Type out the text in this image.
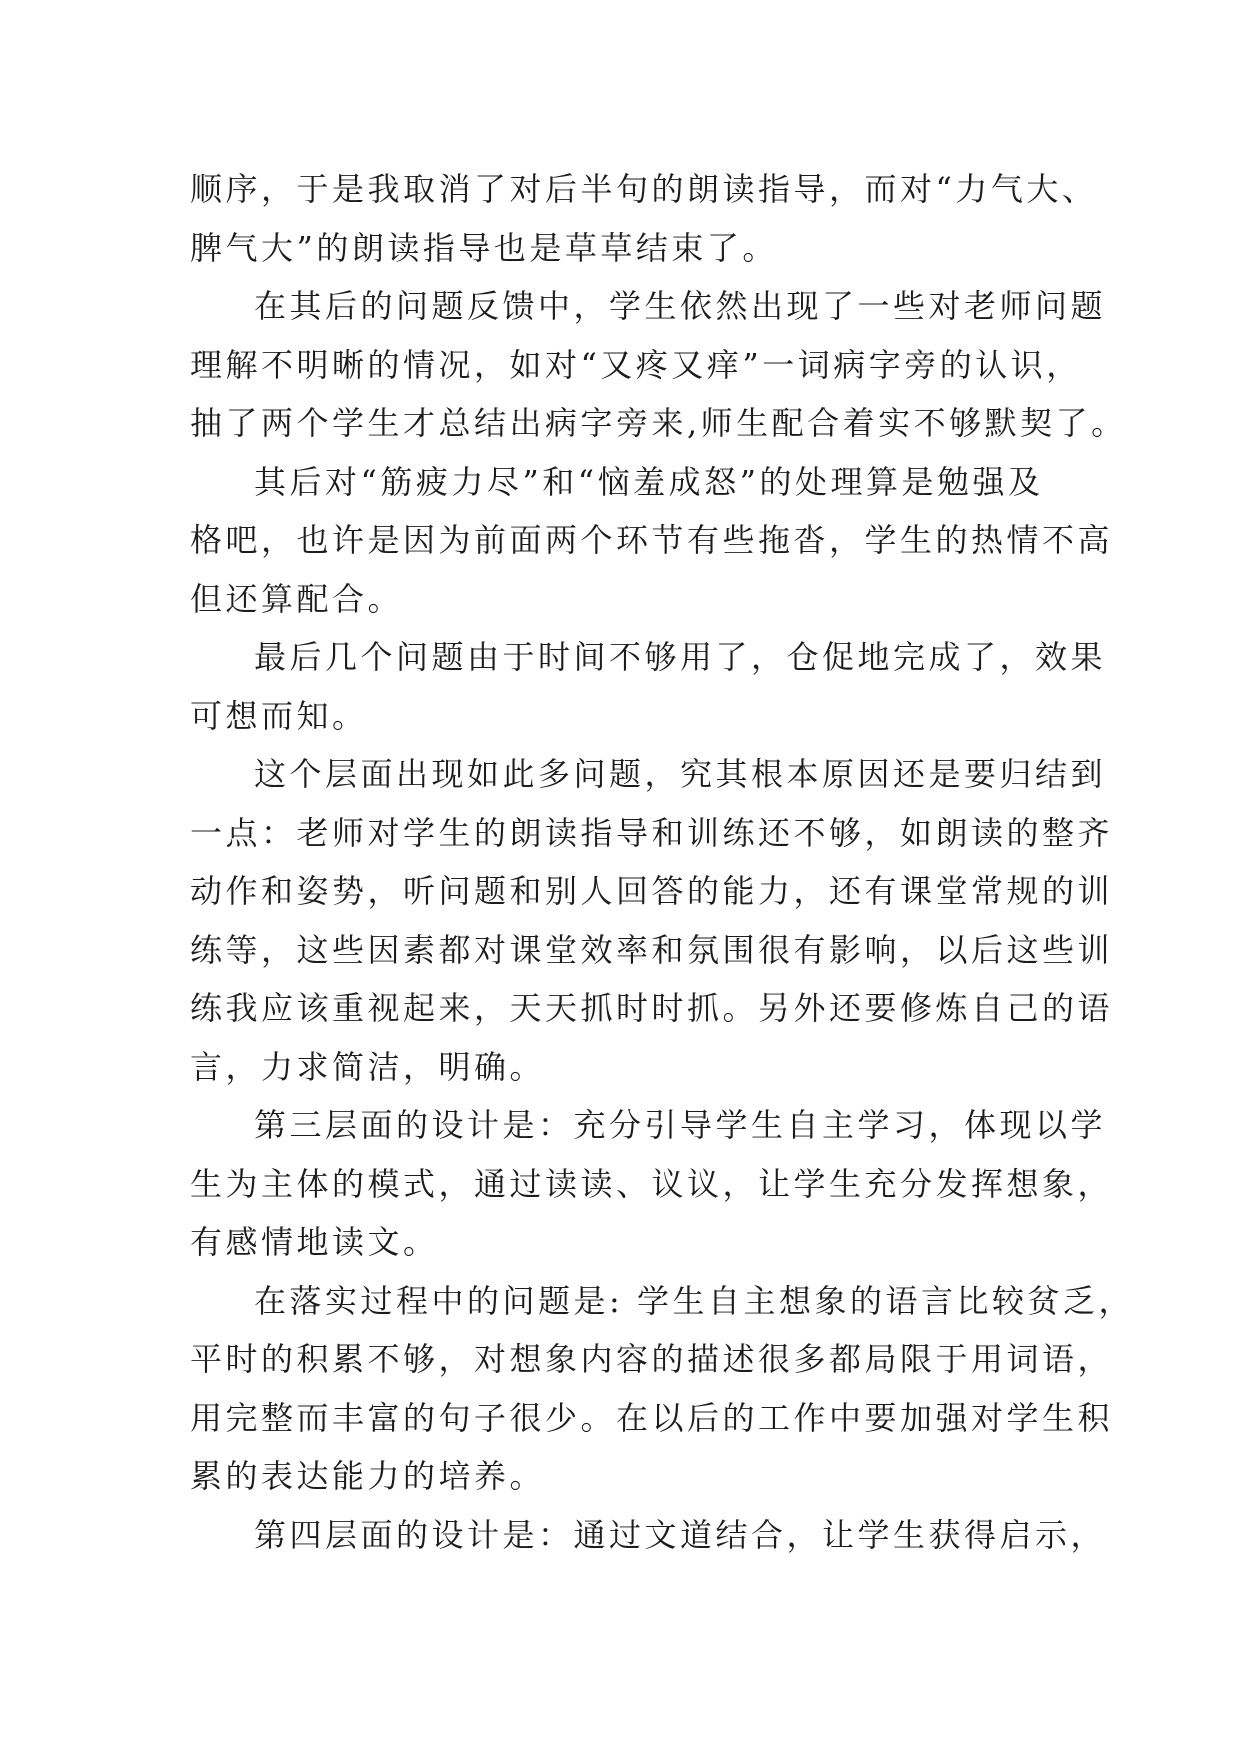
顺序，于是我取消了对后半句的朗读指导，而对“力气大、
脾气大”的朗读指导也是草草结束了。
在其后的问题反馈中，学生依然出现了一些对老师问题
理解不明晰的情况，如对“又疼又痒”一词病字旁的认识，
抽了两个学生才总结出病字旁来,师生配合着实不够默契了。
其后对“筋疲力尽”和“恼羞成怒”的处理算是勉强及
格吧，也许是因为前面两个环节有些拖沓，学生的热情不高
但还算配合。
最后几个问题由于时间不够用了，仓促地完成了，效果
可想而知。
这个层面出现如此多问题，究其根本原因还是要归结到
一点：老师对学生的朗读指导和训练还不够，如朗读的整齐
动作和姿势，听问题和别人回答的能力，还有课堂常规的训
练等，这些因素都对课堂效率和氛围很有影响，以后这些训
练我应该重视起来，天天抓时时抓。另外还要修炼自己的语
言，力求简洁，明确。
第三层面的设计是：充分引导学生自主学习，体现以学
生为主体的模式，通过读读、议议，让学生充分发挥想象，
有感情地读文。
在落实过程中的问题是: 学生自主想象的语言比较贫乏，
平时的积累不够，对想象内容的描述很多都局限于用词语，
用完整而丰富的句子很少。在以后的工作中要加强对学生积
累的表达能力的培养。
第四层面的设计是：通过文道结合，让学生获得启示，
